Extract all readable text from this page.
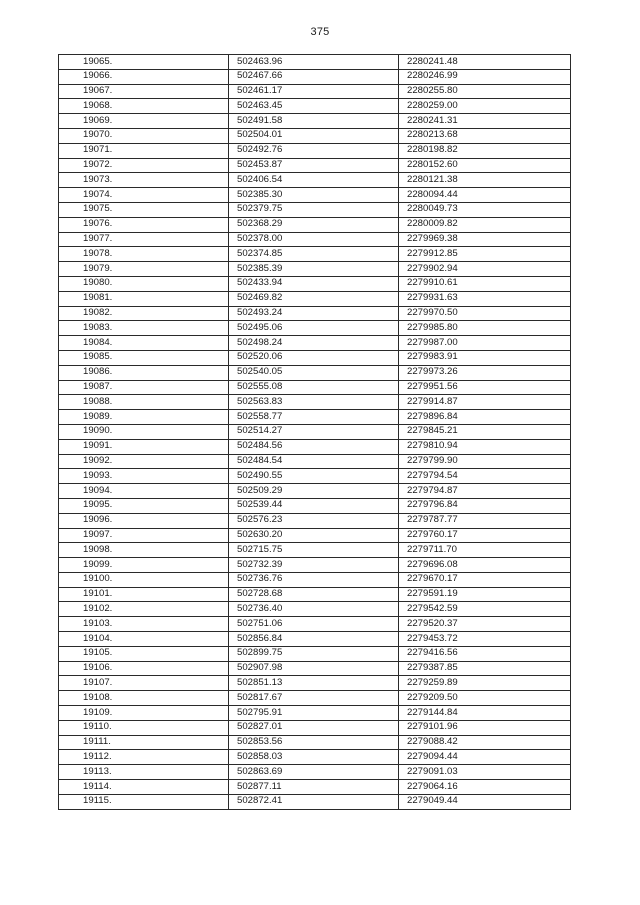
375
19065.	502463.96	2280241.48
19066.	502467.66	2280246.99
19067.	502461.17	2280255.80
19068.	502463.45	2280259.00
19069.	502491.58	2280241.31
19070.	502504.01	2280213.68
19071.	502492.76	2280198.82
19072.	502453.87	2280152.60
19073.	502406.54	2280121.38
19074.	502385.30	2280094.44
19075.	502379.75	2280049.73
19076.	502368.29	2280009.82
19077.	502378.00	2279969.38
19078.	502374.85	2279912.85
19079.	502385.39	2279902.94
19080.	502433.94	2279910.61
19081.	502469.82	2279931.63
19082.	502493.24	2279970.50
19083.	502495.06	2279985.80
19084.	502498.24	2279987.00
19085.	502520.06	2279983.91
19086.	502540.05	2279973.26
19087.	502555.08	2279951.56
19088.	502563.83	2279914.87
19089.	502558.77	2279896.84
19090.	502514.27	2279845.21
19091.	502484.56	2279810.94
19092.	502484.54	2279799.90
19093.	502490.55	2279794.54
19094.	502509.29	2279794.87
19095.	502539.44	2279796.84
19096.	502576.23	2279787.77
19097.	502630.20	2279760.17
19098.	502715.75	2279711.70
19099.	502732.39	2279696.08
19100.	502736.76	2279670.17
19101.	502728.68	2279591.19
19102.	502736.40	2279542.59
19103.	502751.06	2279520.37
19104.	502856.84	2279453.72
19105.	502899.75	2279416.56
19106.	502907.98	2279387.85
19107.	502851.13	2279259.89
19108.	502817.67	2279209.50
19109.	502795.91	2279144.84
19110.	502827.01	2279101.96
19111.	502853.56	2279088.42
19112.	502858.03	2279094.44
19113.	502863.69	2279091.03
19114.	502877.11	2279064.16
19115.	502872.41	2279049.44
